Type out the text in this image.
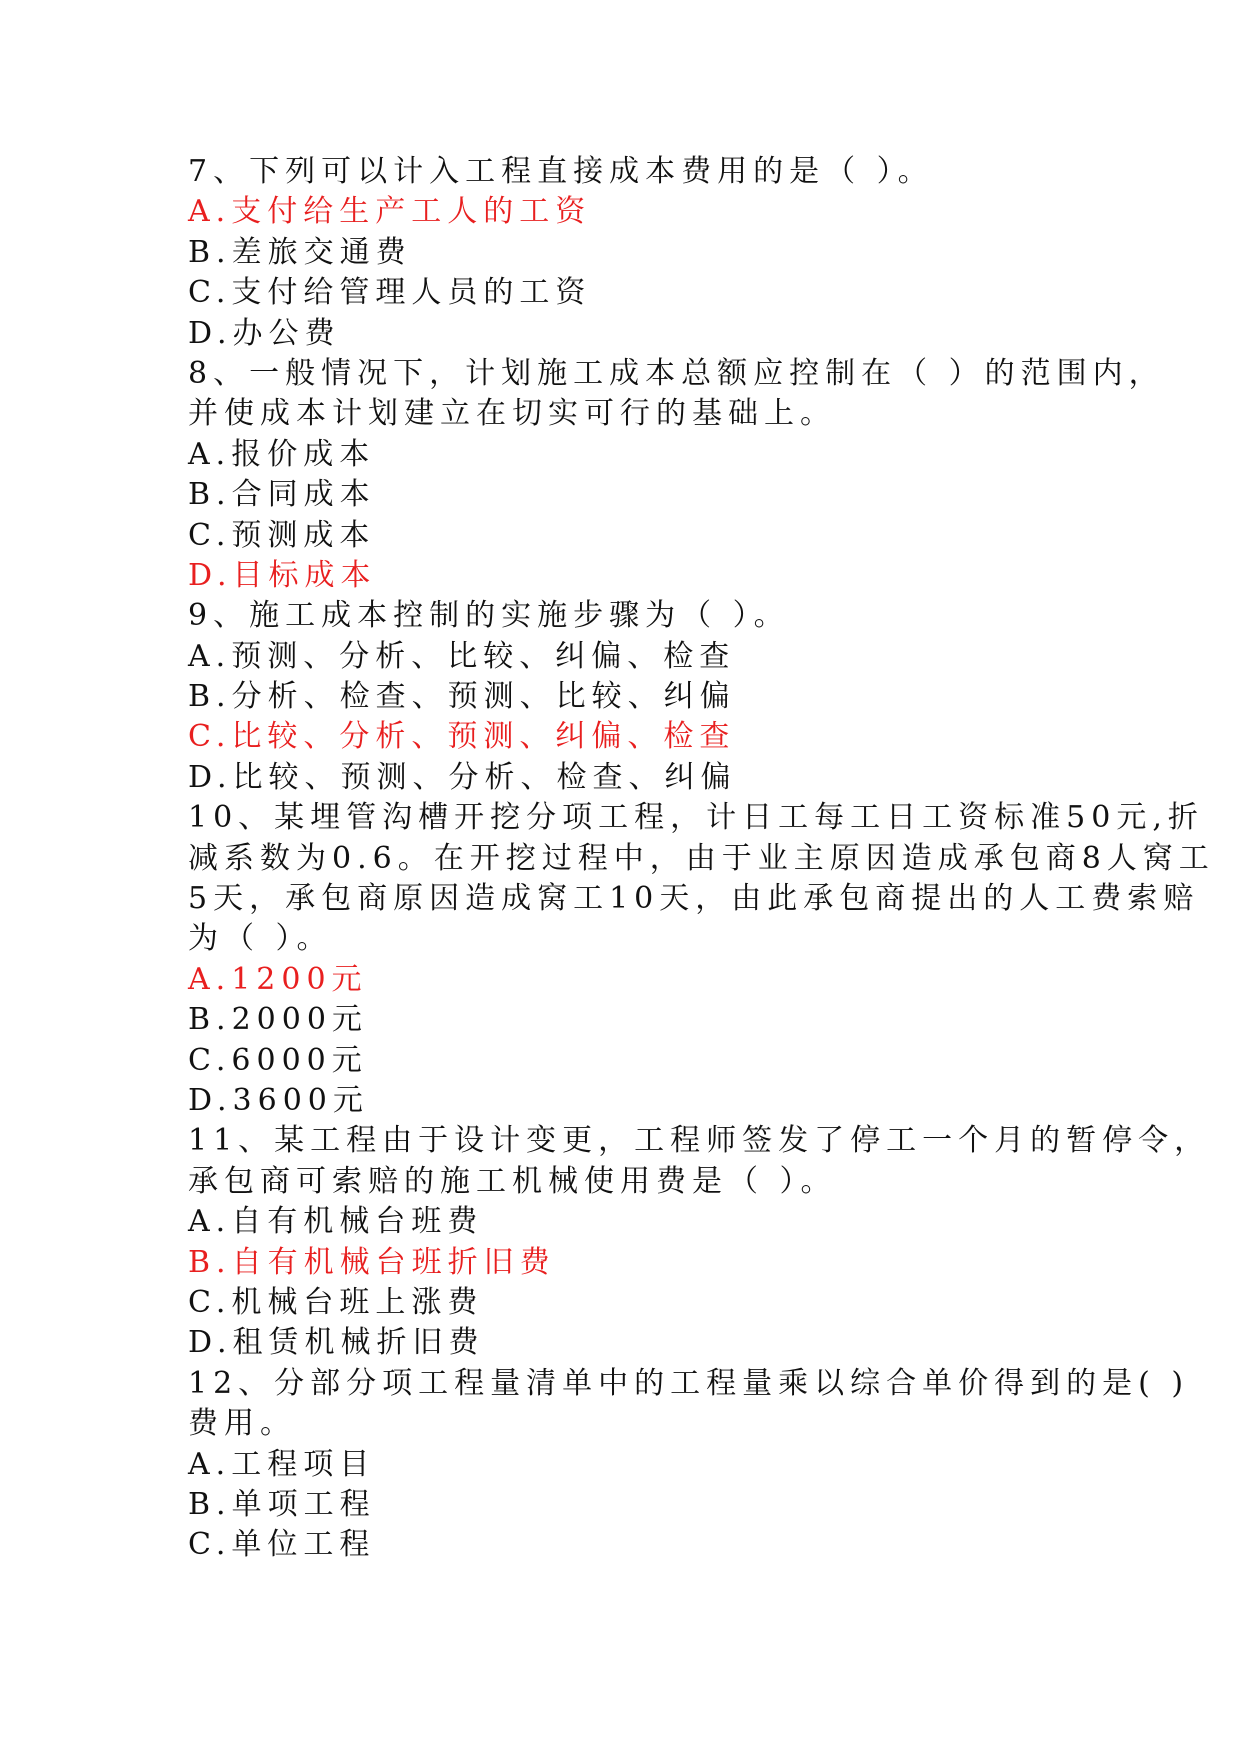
7、下列可以计入工程直接成本费用的是（ ）。
A.支付给生产工人的工资
B.差旅交通费
C.支付给管理人员的工资
D.办公费
8、一般情况下，计划施工成本总额应控制在（ ）的范围内，
并使成本计划建立在切实可行的基础上。
A.报价成本
B.合同成本
C.预测成本
D.目标成本
9、施工成本控制的实施步骤为（ ）。
A.预测、分析、比较、纠偏、检查
B.分析、检查、预测、比较、纠偏
C.比较、分析、预测、纠偏、检查
D.比较、预测、分析、检查、纠偏
10、某埋管沟槽开挖分项工程，计日工每工日工资标准50元,折
减系数为0.6。在开挖过程中，由于业主原因造成承包商8人窝工
5天，承包商原因造成窝工10天，由此承包商提出的人工费索赔
为（ ）。
A.1200元
B.2000元
C.6000元
D.3600元
11、某工程由于设计变更，工程师签发了停工一个月的暂停令，
承包商可索赔的施工机械使用费是（ ）。
A.自有机械台班费
B.自有机械台班折旧费
C.机械台班上涨费
D.租赁机械折旧费
12、分部分项工程量清单中的工程量乘以综合单价得到的是( )
费用。
A.工程项目
B.单项工程
C.单位工程
